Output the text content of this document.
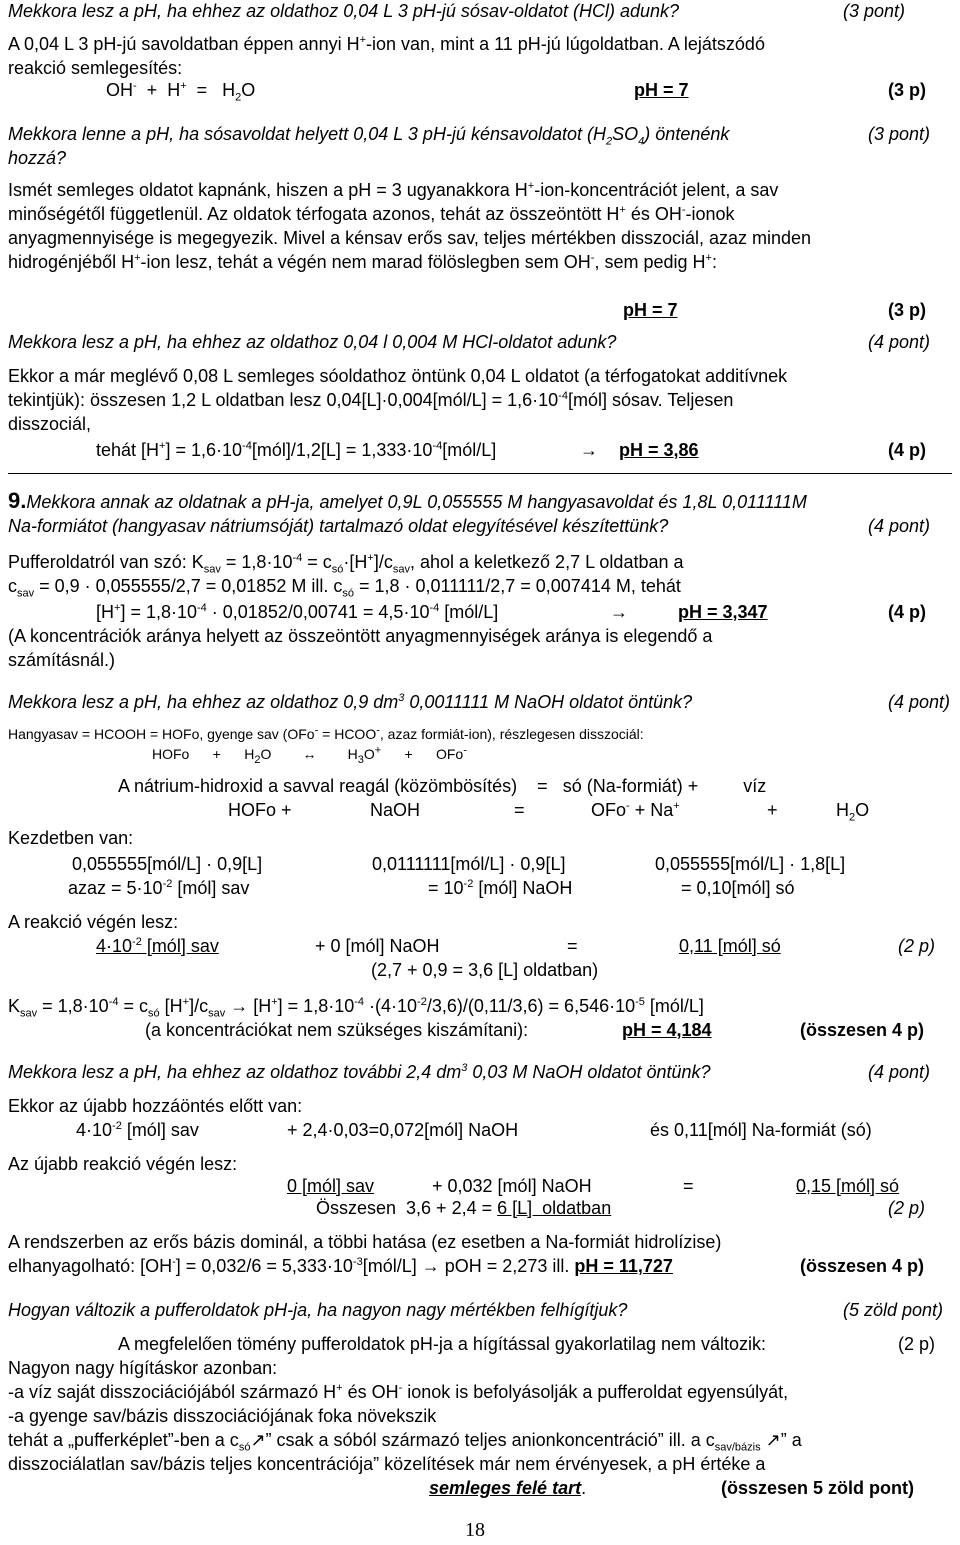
Mekkora lesz a pH, ha ehhez az oldathoz 0,04 L 3 pH-jú sósav-oldatot (HCl) adunk?	(3 pont)
A 0,04 L 3 pH-jú savoldatban éppen annyi H+-ion van, mint a 11 pH-jú lúgoldatban. A lejátszódó
reakció semlegesítés:
$OH^- + H^+ = H_2O$	pH = 7	(3 p)
Mekkora lenne a pH, ha sósavoldat helyett 0,04 L 3 pH-jú kénsavoldatot $(H_2SO_4)$ öntenénk	(3 pont)
hozzá?
Ismét semleges oldatot kapnánk, hiszen a pH = 3 ugyanakkora H+-ion-koncentrációt jelent, a sav
minőségétől függetlenül. Az oldatok térfogata azonos, tehát az összeöntött H+ és OH--ionok
anyagmennyisége is megegyezik. Mivel a kénsav erős sav, teljes mértékben disszociál, azaz minden
hidrogénjéből H+-ion lesz, tehát a végén nem marad fölöslegben sem OH-, sem pedig H+:
pH = 7	(3 p)
Mekkora lesz a pH, ha ehhez az oldathoz 0,04 l 0,004 M HCl-oldatot adunk?	(4 pont)
Ekkor a már meglévő 0,08 L semleges sóoldathoz öntünk 0,04 L oldatot (a térfogatokat additívnek
tekintjük): összesen 1,2 L oldatban lesz 0,04[L]·0,004[mól/L] = $1,6\cdot 10^{-4}[mól]$ sósav. Teljesen
disszociál,
tehát $[H^+] = 1,6\cdot 10^{-4}[mól]/1,2[L]$ = $1,333\cdot 10^{-4}[mól/L]$	→ pH = 3,86	(4 p)
9.Mekkora annak az oldatnak a pH-ja, amelyet 0,9L 0,055555 M hangyasavoldat és 1,8L 0,011111M
Na-formiátot (hangyasav nátriumsóját) tartalmazó oldat elegyítésével készítettünk?	(4 pont)
Pufferoldatról van szó: $K_{sav} = 1,8\cdot 10^{-4} = c_{só}\cdot[H^+]/c_{sav}$, ahol a keletkező 2,7 L oldatban a
$c_{sav} = 0,9 \cdot 0,055555/2,7 = 0,01852$ M ill. $c_{só} = 1,8 \cdot 0,011111/2,7 = 0,007414$ M, tehát
$[H^+] = 1,8\cdot 10^{-4} \cdot 0,01852/0,00741 = 4,5\cdot 10^{-4}$ [mól/L]	→	pH = 3,347	(4 p)
(A koncentrációk aránya helyett az összeöntött anyagmennyiségek aránya is elegendő a
számításnál.)
Mekkora lesz a pH, ha ehhez az oldathoz 0,9 $dm^3$ 0,0011111 M NaOH oldatot öntünk?	(4 pont)
Hangyasav = HCOOH = HOFo, gyenge sav (OFo- = HCOO-, azaz formiát-ion), részlegesen disszociál:
HOFo      +      $H_2O$        ↔        $H_3O^+$      +      OFo-
A nátrium-hidroxid a savval reagál (közömbösítés)    =   só (Na-formiát) +         víz
HOFo +	NaOH	=	OFo- + Na+	+	$H_2O$
Kezdetben van:
0,055555[mól/L] · 0,9[L]	0,0111111[mól/L] · 0,9[L]	0,055555[mól/L] · 1,8[L]
azaz = $5\cdot 10^{-2}$ [mól] sav	= $10^{-2}$ [mól] NaOH	= 0,10[mól] só
A reakció végén lesz:
$4\cdot 10^{-2}$ [mól] sav	+ 0 [mól] NaOH	=	0,11 [mól] só	(2 p)
(2,7 + 0,9 = 3,6 [L] oldatban)
$K_{sav} = 1,8\cdot 10^{-4} = c_{só}$ $[H^+]/c_{sav} \to [H^+] = 1,8\cdot 10^{-4} \cdot(4\cdot 10^{-2}/3,6)/(0,11/3,6) = 6,546\cdot 10^{-5}$ [mól/L]
(a koncentrációkat nem szükséges kiszámítani):	pH = 4,184	(összesen 4 p)
Mekkora lesz a pH, ha ehhez az oldathoz további 2,4 $dm^3$ 0,03 M NaOH oldatot öntünk?	(4 pont)
Ekkor az újabb hozzáöntés előtt van:
$4\cdot 10^{-2}$ [mól] sav	+ 2,4·0,03=0,072[mól] NaOH	és 0,11[mól] Na-formiát (só)
Az újabb reakció végén lesz:
0 [mól] sav	+ 0,032 [mól] NaOH	=	0,15 [mól] só
Összesen  3,6 + 2,4 = 6 [L]  oldatban	(2 p)
A rendszerben az erős bázis dominál, a többi hatása (ez esetben a Na-formiát hidrolízise)
elhanyagolható: $[OH^-] = 0,032/6 = 5,333\cdot 10^{-3}[mól/L]$ → pOH = 2,273 ill. pH = 11,727	(összesen 4 p)
Hogyan változik a pufferoldatok pH-ja, ha nagyon nagy mértékben felhígítjuk?	(5 zöld pont)
A megfelelően tömény pufferoldatok pH-ja a hígítással gyakorlatilag nem változik:	(2 p)
Nagyon nagy hígításkor azonban:
-a víz saját disszociációjából származó H+ és OH- ionok is befolyásolják a pufferoldat egyensúlyát,
-a gyenge sav/bázis disszociációjának foka növekszik
tehát a „pufferképlet”-ben a $c_{só}↗$” csak a sóból származó teljes anionkoncentráció” ill. a $c_{sav/bázis}$ ↗” a
disszociálatlan sav/bázis teljes koncentrációja” közelítések már nem érvényesek, a pH értéke a
semleges felé tart.	(összesen 5 zöld pont)
18
